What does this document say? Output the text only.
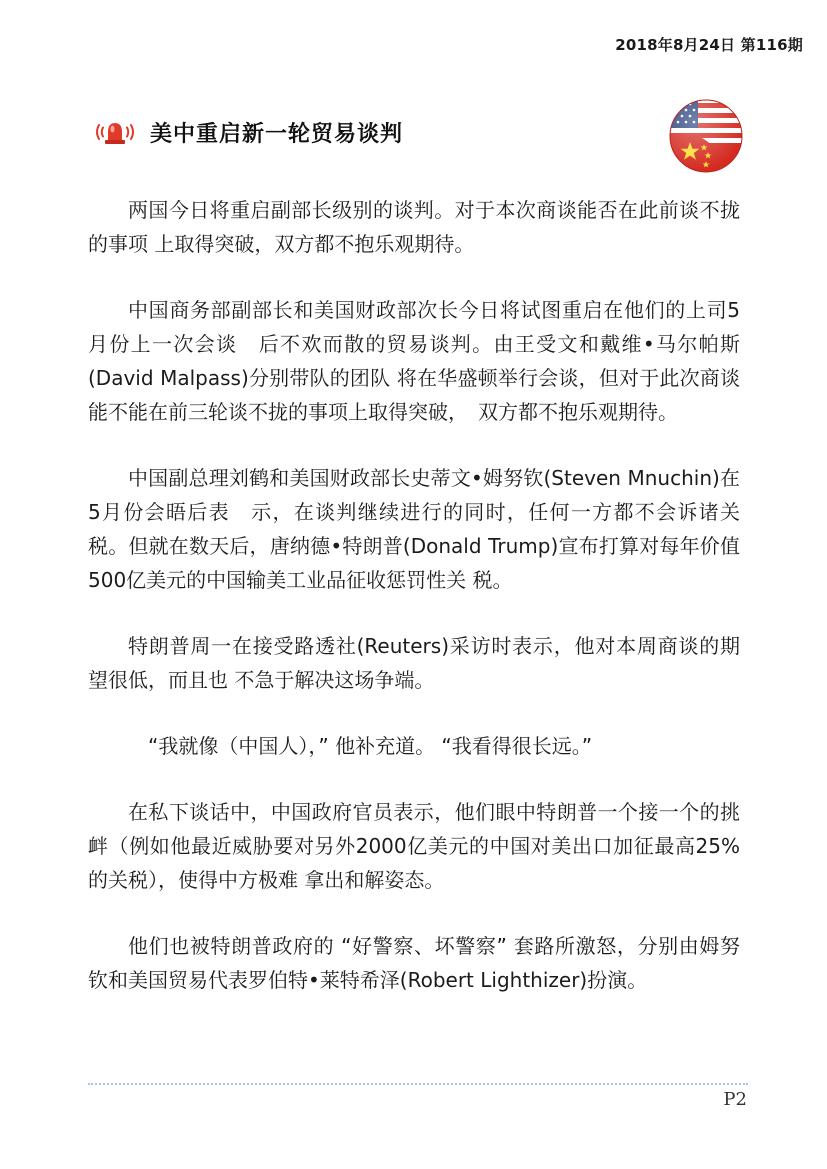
2018年8月24日 第116期
美中重启新一轮贸易谈判

两国今日将重启副部长级别的谈判。对于本次商谈能否在此前谈不拢的事项 上取得突破，双方都不抱乐观期待。

中国商务部副部长和美国财政部次长今日将试图重启在他们的上司5月份上一次会谈　后不欢而散的贸易谈判。由王受文和戴维•马尔帕斯(David Malpass)分别带队的团队 将在华盛顿举行会谈，但对于此次商谈能不能在前三轮谈不拢的事项上取得突破，　双方都不抱乐观期待。

中国副总理刘鹤和美国财政部长史蒂文•姆努钦(Steven Mnuchin)在5月份会晤后表　示，在谈判继续进行的同时，任何一方都不会诉诸关税。但就在数天后，唐纳德•特朗普(Donald Trump)宣布打算对每年价值500亿美元的中国输美工业品征收惩罚性关 税。

特朗普周一在接受路透社(Reuters)采访时表示，他对本周商谈的期望很低，而且也 不急于解决这场争端。

“我就像（中国人），” 他补充道。 “我看得很长远。”

在私下谈话中，中国政府官员表示，他们眼中特朗普一个接一个的挑衅（例如他最近威胁要对另外2000亿美元的中国对美出口加征最高25%的关税），使得中方极难 拿出和解姿态。

他们也被特朗普政府的 “好警察、坏警察” 套路所激怒，分别由姆努钦和美国贸易代表罗伯特•莱特希泽(Robert Lighthizer)扮演。

P2
